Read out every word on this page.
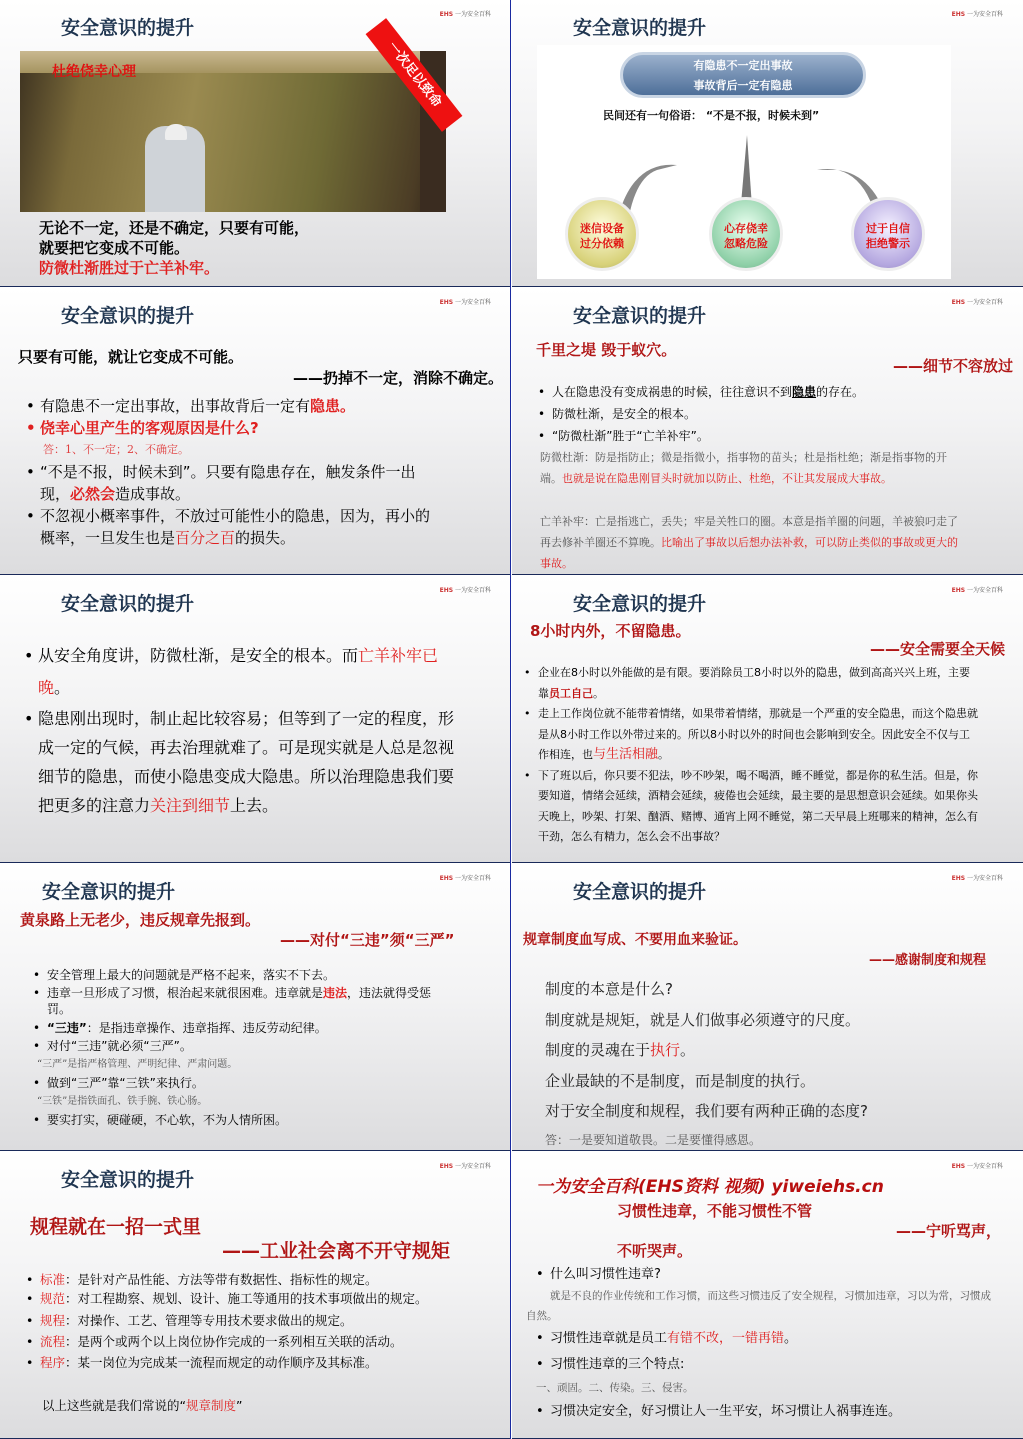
安全意识的提升
EHS 一为安全百科
杜绝侥幸心理	一次足以致命
无论不一定，还是不确定，只要有可能，
就要把它变成不可能。
防微杜渐胜过于亡羊补牢。
安全意识的提升
EHS 一为安全百科
有隐患不一定出事故
事故背后一定有隐患
民间还有一句俗语： “不是不报，时候未到”
迷信设备
过分依赖
心存侥幸
忽略危险
过于自信
拒绝警示
安全意识的提升
EHS 一为安全百科
只要有可能，就让它变成不可能。
——扔掉不一定，消除不确定。
• 有隐患不一定出事故，出事故背后一定有隐患。
• 侥幸心里产生的客观原因是什么?
答：1、不一定；2、不确定。
• “不是不报，时候未到”。只要有隐患存在，触发条件一出现，必然会造成事故。
• 不忽视小概率事件，不放过可能性小的隐患，因为，再小的概率，一旦发生也是百分之百的损失。
安全意识的提升
EHS 一为安全百科
千里之堤 毁于蚁穴。
——细节不容放过
• 人在隐患没有变成祸患的时候，往往意识不到隐患的存在。
• 防微杜渐，是安全的根本。
• “防微杜渐”胜于“亡羊补牢”。
防微杜渐：防是指防止；微是指微小，指事物的苗头；杜是指杜绝；渐是指事物的开端。也就是说在隐患刚冒头时就加以防止、杜绝，不让其发展成大事故。
亡羊补牢：亡是指逃亡，丢失；牢是关牲口的圈。本意是指羊圈的问题，羊被狼叼走了再去修补羊圈还不算晚。比喻出了事故以后想办法补救，可以防止类似的事故或更大的事故。
安全意识的提升
EHS 一为安全百科
• 从安全角度讲，防微杜渐，是安全的根本。而亡羊补牢已晚。
• 隐患刚出现时，制止起比较容易；但等到了一定的程度，形成一定的气候，再去治理就难了。可是现实就是人总是忽视细节的隐患，而使小隐患变成大隐患。所以治理隐患我们要把更多的注意力关注到细节上去。
安全意识的提升
EHS 一为安全百科
8小时内外，不留隐患。
——安全需要全天候
• 企业在8小时以外能做的是有限。要消除员工8小时以外的隐患，做到高高兴兴上班，主要靠员工自己。
• 走上工作岗位就不能带着情绪，如果带着情绪，那就是一个严重的安全隐患，而这个隐患就是从8小时工作以外带过来的。所以8小时以外的时间也会影响到安全。因此安全不仅与工作相连，也与生活相融。
• 下了班以后，你只要不犯法，吵不吵架，喝不喝酒，睡不睡觉，都是你的私生活。但是，你要知道，情绪会延续，酒精会延续，疲倦也会延续，最主要的是思想意识会延续。如果你头天晚上，吵架、打架、酗酒、赌博、通宵上网不睡觉，第二天早晨上班哪来的精神，怎么有干劲，怎么有精力，怎么会不出事故？
安全意识的提升
EHS 一为安全百科
黄泉路上无老少，违反规章先报到。
——对付“三违”须“三严”
• 安全管理上最大的问题就是严格不起来，落实不下去。
• 违章一旦形成了习惯，根治起来就很困难。违章就是违法，违法就得受惩罚。
• “三违”：是指违章操作、违章指挥、违反劳动纪律。
• 对付“三违”就必须“三严”。
“三严”是指严格管理、严明纪律、严肃问题。
• 做到“三严”靠“三铁”来执行。
“三铁”是指铁面孔、铁手腕、铁心肠。
• 要实打实，硬碰硬，不心软，不为人情所困。
安全意识的提升
EHS 一为安全百科
规章制度血写成、不要用血来验证。
——感谢制度和规程
制度的本意是什么?
制度就是规矩，就是人们做事必须遵守的尺度。
制度的灵魂在于执行。
企业最缺的不是制度，而是制度的执行。
对于安全制度和规程，我们要有两种正确的态度?
答：一是要知道敬畏。二是要懂得感恩。
安全意识的提升
EHS 一为安全百科
规程就在一招一式里
——工业社会离不开守规矩
• 标准：是针对产品性能、方法等带有数据性、指标性的规定。
• 规范：对工程勘察、规划、设计、施工等通用的技术事项做出的规定。
• 规程：对操作、工艺、管理等专用技术要求做出的规定。
• 流程：是两个或两个以上岗位协作完成的一系列相互关联的活动。
• 程序：某一岗位为完成某一流程而规定的动作顺序及其标准。
以上这些就是我们常说的“规章制度”
EHS 一为安全百科
一为安全百科(EHS资料 视频) yiweiehs.cn
习惯性违章，不能习惯性不管
——宁听骂声，
不听哭声。
• 什么叫习惯性违章?
就是不良的作业传统和工作习惯，而这些习惯违反了安全规程，习惯加违章，习以为常，习惯成自然。
• 习惯性违章就是员工有错不改，一错再错。
• 习惯性违章的三个特点:
一、顽固。二、传染。三、侵害。
• 习惯决定安全，好习惯让人一生平安，坏习惯让人祸事连连。
